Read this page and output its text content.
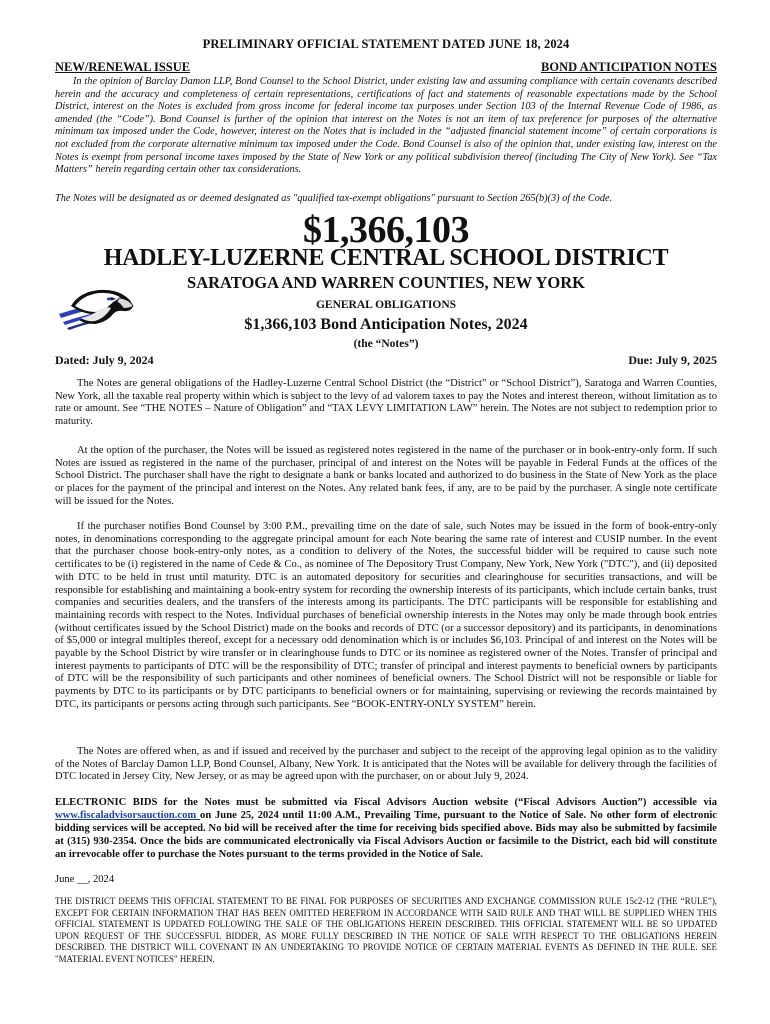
PRELIMINARY OFFICIAL STATEMENT DATED JUNE 18, 2024
NEW/RENEWAL ISSUE	BOND ANTICIPATION NOTES
In the opinion of Barclay Damon LLP, Bond Counsel to the School District, under existing law and assuming compliance with certain covenants described herein and the accuracy and completeness of certain representations, certifications of fact and statements of reasonable expectations made by the School District, interest on the Notes is excluded from gross income for federal income tax purposes under Section 103 of the Internal Revenue Code of 1986, as amended (the “Code”). Bond Counsel is further of the opinion that interest on the Notes is not an item of tax preference for purposes of the alternative minimum tax imposed under the Code, however, interest on the Notes that is included in the “adjusted financial statement income” of certain corporations is not excluded from the corporate alternative minimum tax imposed under the Code. Bond Counsel is also of the opinion that, under existing law, interest on the Notes is exempt from personal income taxes imposed by the State of New York or any political subdivision thereof (including The City of New York). See “Tax Matters” herein regarding certain other tax considerations.
The Notes will be designated as or deemed designated as "qualified tax-exempt obligations" pursuant to Section 265(b)(3) of the Code.
$1,366,103
HADLEY-LUZERNE CENTRAL SCHOOL DISTRICT
SARATOGA AND WARREN COUNTIES, NEW YORK
GENERAL OBLIGATIONS
$1,366,103 Bond Anticipation Notes, 2024
(the “Notes”)
Dated: July 9, 2024	Due: July 9, 2025
The Notes are general obligations of the Hadley-Luzerne Central School District (the “District” or “School District”), Saratoga and Warren Counties, New York, all the taxable real property within which is subject to the levy of ad valorem taxes to pay the Notes and interest thereon, without limitation as to rate or amount. See “THE NOTES – Nature of Obligation” and “TAX LEVY LIMITATION LAW” herein. The Notes are not subject to redemption prior to maturity.
At the option of the purchaser, the Notes will be issued as registered notes registered in the name of the purchaser or in book-entry-only form. If such Notes are issued as registered in the name of the purchaser, principal of and interest on the Notes will be payable in Federal Funds at the offices of the School District. The purchaser shall have the right to designate a bank or banks located and authorized to do business in the State of New York as the place or places for the payment of the principal and interest on the Notes. Any related bank fees, if any, are to be paid by the purchaser. A single note certificate will be issued for the Notes.
If the purchaser notifies Bond Counsel by 3:00 P.M., prevailing time on the date of sale, such Notes may be issued in the form of book-entry-only notes, in denominations corresponding to the aggregate principal amount for each Note bearing the same rate of interest and CUSIP number. In the event that the purchaser choose book-entry-only notes, as a condition to delivery of the Notes, the successful bidder will be required to cause such note certificates to be (i) registered in the name of Cede & Co., as nominee of The Depository Trust Company, New York, New York ("DTC"), and (ii) deposited with DTC to be held in trust until maturity. DTC is an automated depository for securities and clearinghouse for securities transactions, and will be responsible for establishing and maintaining a book-entry system for recording the ownership interests of its participants, which include certain banks, trust companies and securities dealers, and the transfers of the interests among its participants. The DTC participants will be responsible for establishing and maintaining records with respect to the Notes. Individual purchases of beneficial ownership interests in the Notes may only be made through book entries (without certificates issued by the School District) made on the books and records of DTC (or a successor depository) and its participants, in denominations of $5,000 or integral multiples thereof, except for a necessary odd denomination which is or includes $6,103. Principal of and interest on the Notes will be payable by the School District by wire transfer or in clearinghouse funds to DTC or its nominee as registered owner of the Notes. Transfer of principal and interest payments to participants of DTC will be the responsibility of DTC; transfer of principal and interest payments to beneficial owners by participants of DTC will be the responsibility of such participants and other nominees of beneficial owners. The School District will not be responsible or liable for payments by DTC to its participants or by DTC participants to beneficial owners or for maintaining, supervising or reviewing the records maintained by DTC, its participants or persons acting through such participants. See “BOOK-ENTRY-ONLY SYSTEM” herein.
The Notes are offered when, as and if issued and received by the purchaser and subject to the receipt of the approving legal opinion as to the validity of the Notes of Barclay Damon LLP, Bond Counsel, Albany, New York. It is anticipated that the Notes will be available for delivery through the facilities of DTC located in Jersey City, New Jersey, or as may be agreed upon with the purchaser, on or about July 9, 2024.
ELECTRONIC BIDS for the Notes must be submitted via Fiscal Advisors Auction website (“Fiscal Advisors Auction”) accessible via www.fiscaladvisorsauction.com on June 25, 2024 until 11:00 A.M., Prevailing Time, pursuant to the Notice of Sale. No other form of electronic bidding services will be accepted. No bid will be received after the time for receiving bids specified above. Bids may also be submitted by facsimile at (315) 930-2354. Once the bids are communicated electronically via Fiscal Advisors Auction or facsimile to the District, each bid will constitute an irrevocable offer to purchase the Notes pursuant to the terms provided in the Notice of Sale.
June __, 2024
THE DISTRICT DEEMS THIS OFFICIAL STATEMENT TO BE FINAL FOR PURPOSES OF SECURITIES AND EXCHANGE COMMISSION RULE 15c2-12 (THE “RULE”), EXCEPT FOR CERTAIN INFORMATION THAT HAS BEEN OMITTED HEREFROM IN ACCORDANCE WITH SAID RULE AND THAT WILL BE SUPPLIED WHEN THIS OFFICIAL STATEMENT IS UPDATED FOLLOWING THE SALE OF THE OBLIGATIONS HEREIN DESCRIBED. THIS OFFICIAL STATEMENT WILL BE SO UPDATED UPON REQUEST OF THE SUCCESSFUL BIDDER, AS MORE FULLY DESCRIBED IN THE NOTICE OF SALE WITH RESPECT TO THE OBLIGATIONS HEREIN DESCRIBED. THE DISTRICT WILL COVENANT IN AN UNDERTAKING TO PROVIDE NOTICE OF CERTAIN MATERIAL EVENTS AS DEFINED IN THE RULE. SEE "MATERIAL EVENT NOTICES" HEREIN.
